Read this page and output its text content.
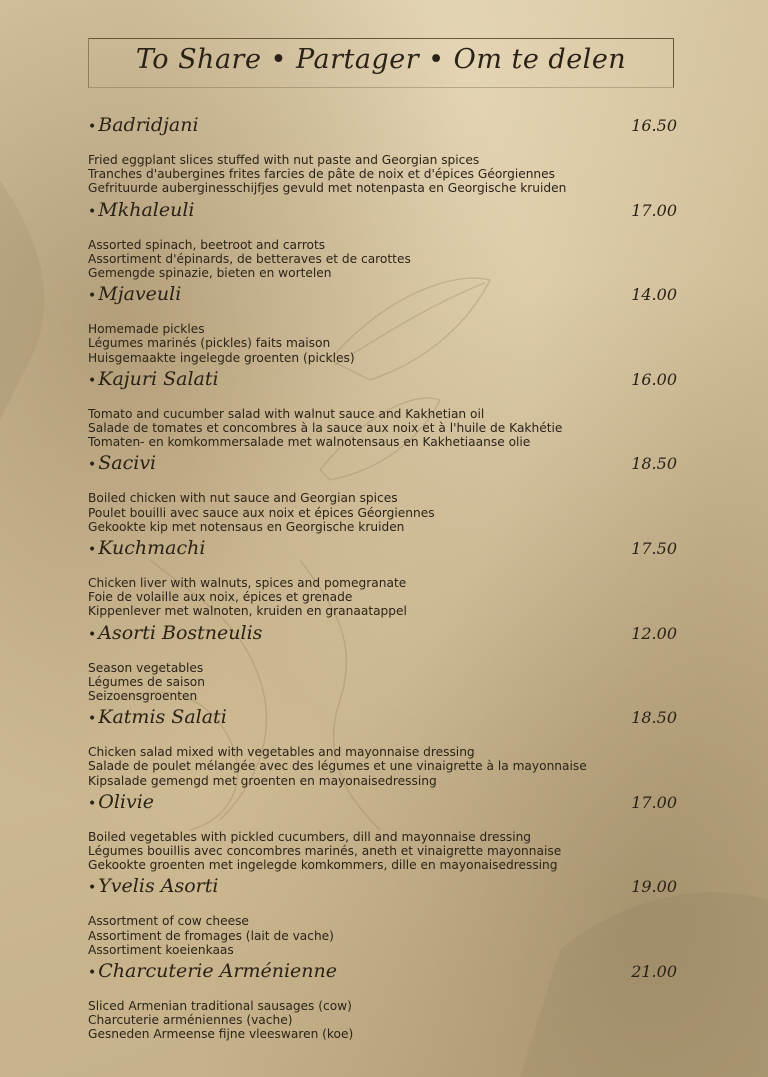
To Share • Partager • Om te delen
• Badridjani	16.50
Fried eggplant slices stuffed with nut paste and Georgian spices
Tranches d'aubergines frites farcies de pâte de noix et d'épices Géorgiennes
Gefrituurde auberginesschijfjes gevuld met notenpasta en Georgische kruiden
• Mkhaleuli	17.00
Assorted spinach, beetroot and carrots
Assortiment d'épinards, de betteraves et de carottes
Gemengde spinazie, bieten en wortelen
• Mjaveuli	14.00
Homemade pickles
Légumes marinés (pickles) faits maison
Huisgemaakte ingelegde groenten (pickles)
• Kajuri Salati	16.00
Tomato and cucumber salad with walnut sauce and Kakhetian oil
Salade de tomates et concombres à la sauce aux noix et à l'huile de Kakhétie
Tomaten- en komkommersalade met walnotensaus en Kakhetiaanse olie
• Sacivi	18.50
Boiled chicken with nut sauce and Georgian spices
Poulet bouilli avec sauce aux noix et épices Géorgiennes
Gekookte kip met notensaus en Georgische kruiden
• Kuchmachi	17.50
Chicken liver with walnuts, spices and pomegranate
Foie de volaille aux noix, épices et grenade
Kippenlever met walnoten, kruiden en granaatappel
• Asorti Bostneulis	12.00
Season vegetables
Légumes de saison
Seizoensgroenten
• Katmis Salati	18.50
Chicken salad mixed with vegetables and mayonnaise dressing
Salade de poulet mélangée avec des légumes et une vinaigrette à la mayonnaise
Kipsalade gemengd met groenten en mayonaisedressing
• Olivie	17.00
Boiled vegetables with pickled cucumbers, dill and mayonnaise dressing
Légumes bouillis avec concombres marinés, aneth et vinaigrette mayonnaise
Gekookte groenten met ingelegde komkommers, dille en mayonaisedressing
• Yvelis Asorti	19.00
Assortment of cow cheese
Assortiment de fromages (lait de vache)
Assortiment koeienkaas
• Charcuterie Arménienne	21.00
Sliced Armenian traditional sausages (cow)
Charcuterie arméniennes (vache)
Gesneden Armeense fijne vleeswaren (koe)
